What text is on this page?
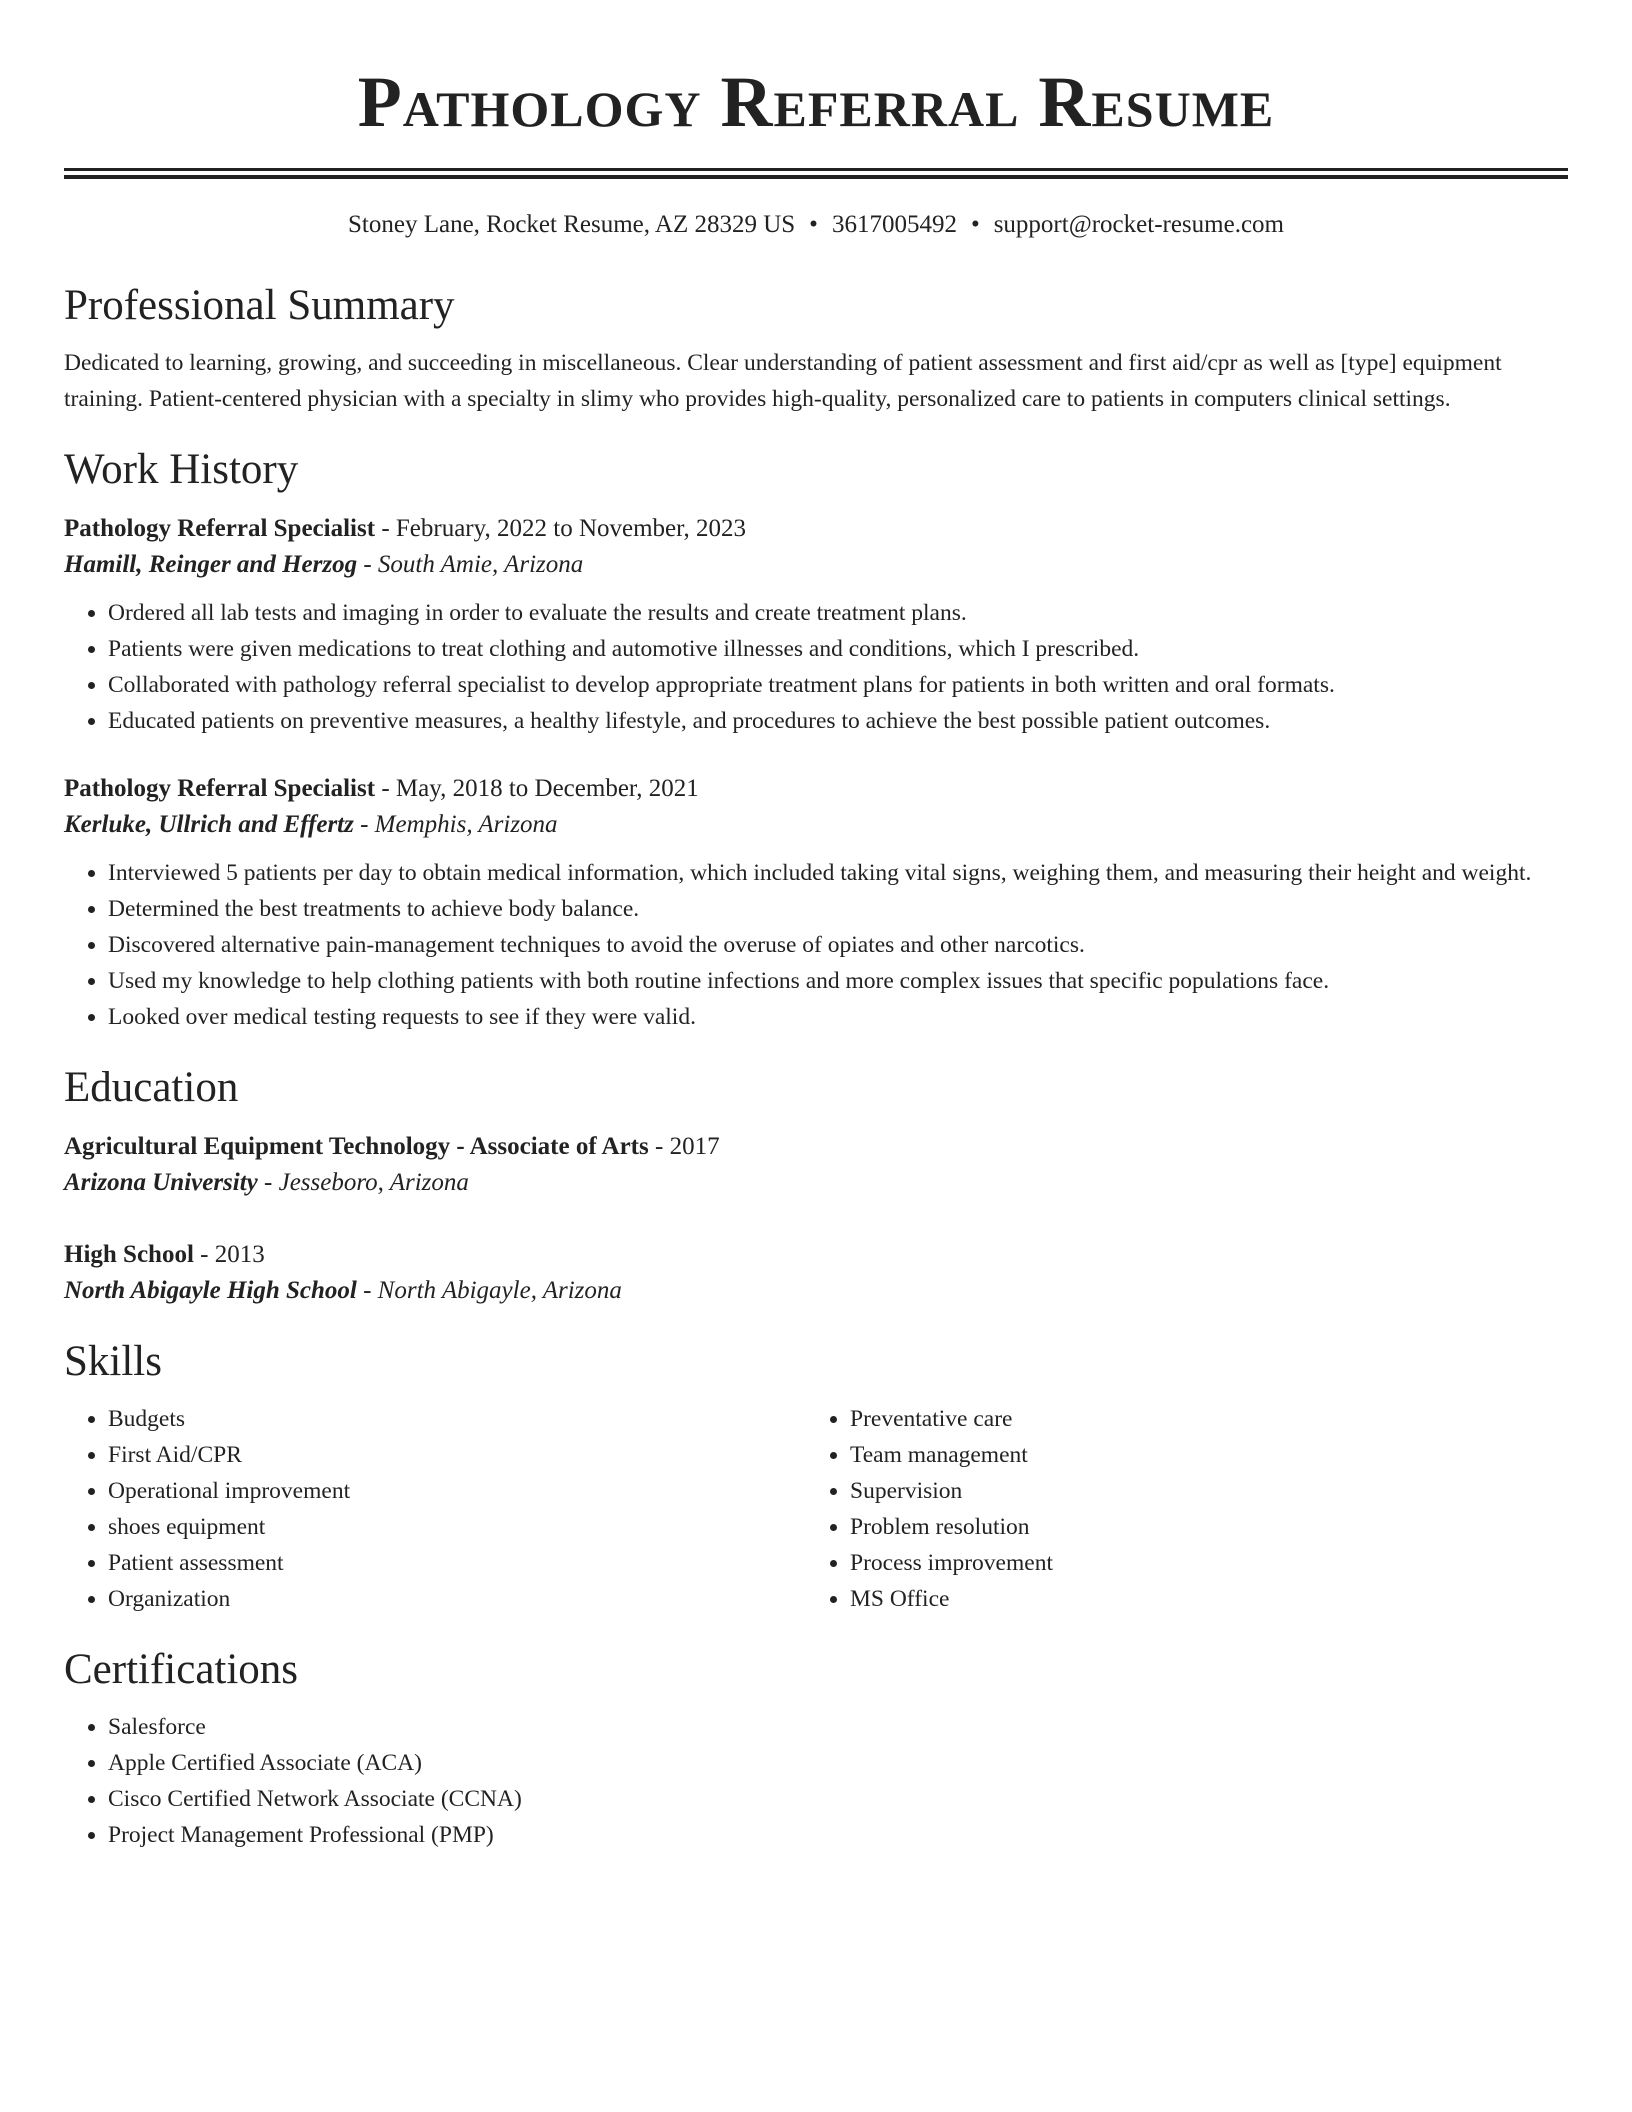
Pathology Referral Resume
Stoney Lane, Rocket Resume, AZ 28329 US • 3617005492 • support@rocket-resume.com
Professional Summary

Dedicated to learning, growing, and succeeding in miscellaneous. Clear understanding of patient assessment and first aid/cpr as well as [type] equipment training. Patient-centered physician with a specialty in slimy who provides high-quality, personalized care to patients in computers clinical settings.

Work History

Pathology Referral Specialist - February, 2022 to November, 2023

Hamill, Reinger and Herzog - South Amie, Arizona

• Ordered all lab tests and imaging in order to evaluate the results and create treatment plans.
• Patients were given medications to treat clothing and automotive illnesses and conditions, which I prescribed.
• Collaborated with pathology referral specialist to develop appropriate treatment plans for patients in both written and oral formats.
• Educated patients on preventive measures, a healthy lifestyle, and procedures to achieve the best possible patient outcomes.

Pathology Referral Specialist - May, 2018 to December, 2021

Kerluke, Ullrich and Effertz - Memphis, Arizona

• Interviewed 5 patients per day to obtain medical information, which included taking vital signs, weighing them, and measuring their height and weight.
• Determined the best treatments to achieve body balance.
• Discovered alternative pain-management techniques to avoid the overuse of opiates and other narcotics.
• Used my knowledge to help clothing patients with both routine infections and more complex issues that specific populations face.
• Looked over medical testing requests to see if they were valid.
Education

Agricultural Equipment Technology - Associate of Arts - 2017

Arizona University - Jesseboro, Arizona

High School - 2013

North Abigayle High School - North Abigayle, Arizona

Skills
• Budgets
• First Aid/CPR
• Operational improvement
• shoes equipment
• Patient assessment
• Organization
• Preventative care
• Team management
• Supervision
• Problem resolution
• Process improvement
• MS Office
Certifications
• Salesforce
• Apple Certified Associate (ACA)
• Cisco Certified Network Associate (CCNA)
• Project Management Professional (PMP)
